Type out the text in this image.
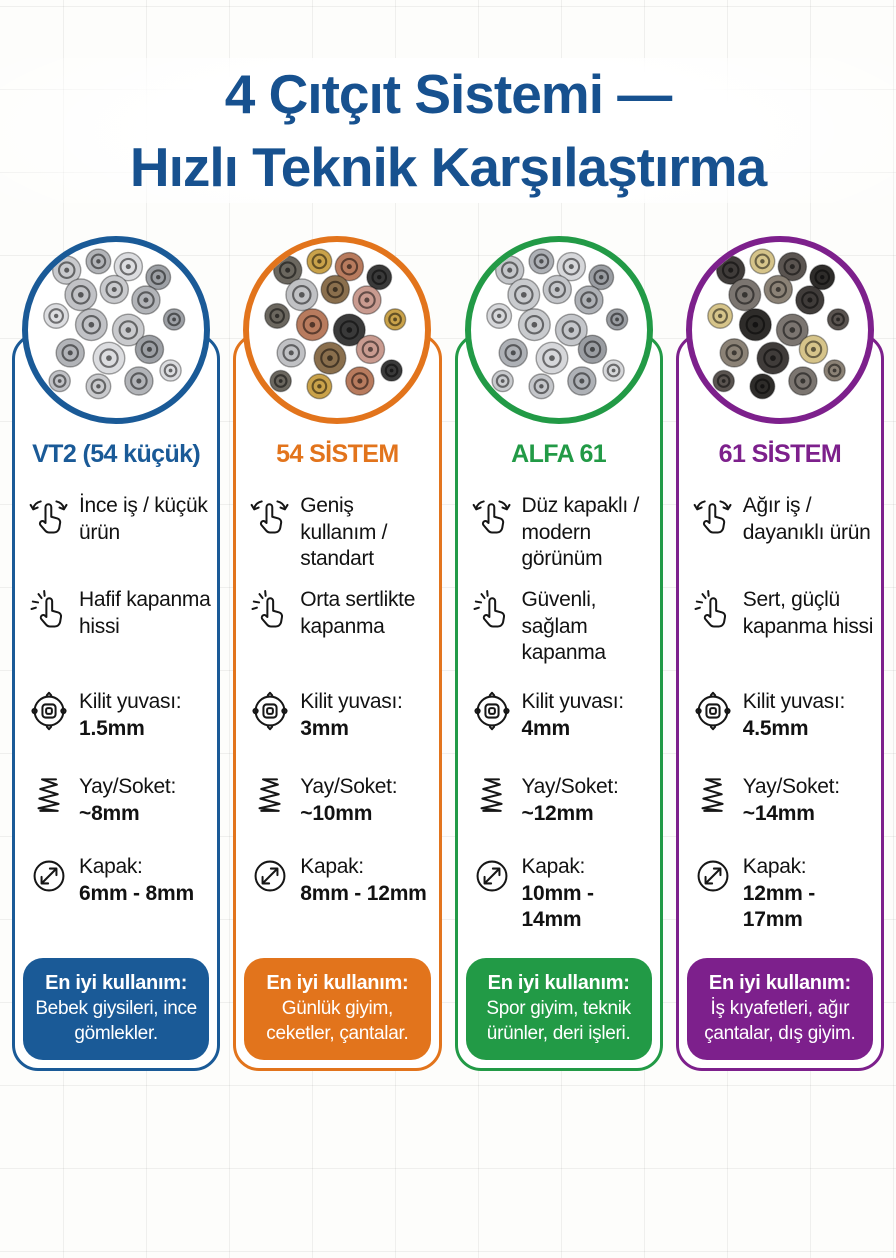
4 Çıtçıt Sistemi —
Hızlı Teknik Karşılaştırma
VT2 (54 küçük)

İnce iş / küçük ürün

Hafif kapanma hissi

Kilit yuvası:
1.5mm

Yay/Soket:
~8mm

Kapak:
6mm - 8mm

En iyi kullanım:
Bebek giysileri, ince gömlekler.
54 SİSTEM

Geniş kullanım / standart

Orta sertlikte kapanma

Kilit yuvası:
3mm

Yay/Soket:
~10mm

Kapak:
8mm - 12mm

En iyi kullanım:
Günlük giyim, ceketler, çantalar.
ALFA 61

Düz kapaklı / modern görünüm

Güvenli, sağlam kapanma

Kilit yuvası:
4mm

Yay/Soket:
~12mm

Kapak:
10mm - 14mm

En iyi kullanım:
Spor giyim, teknik ürünler, deri işleri.
61 SİSTEM

Ağır iş / dayanıklı ürün

Sert, güçlü kapanma hissi

Kilit yuvası:
4.5mm

Yay/Soket:
~14mm

Kapak:
12mm - 17mm

En iyi kullanım:
İş kıyafetleri, ağır çantalar, dış giyim.
